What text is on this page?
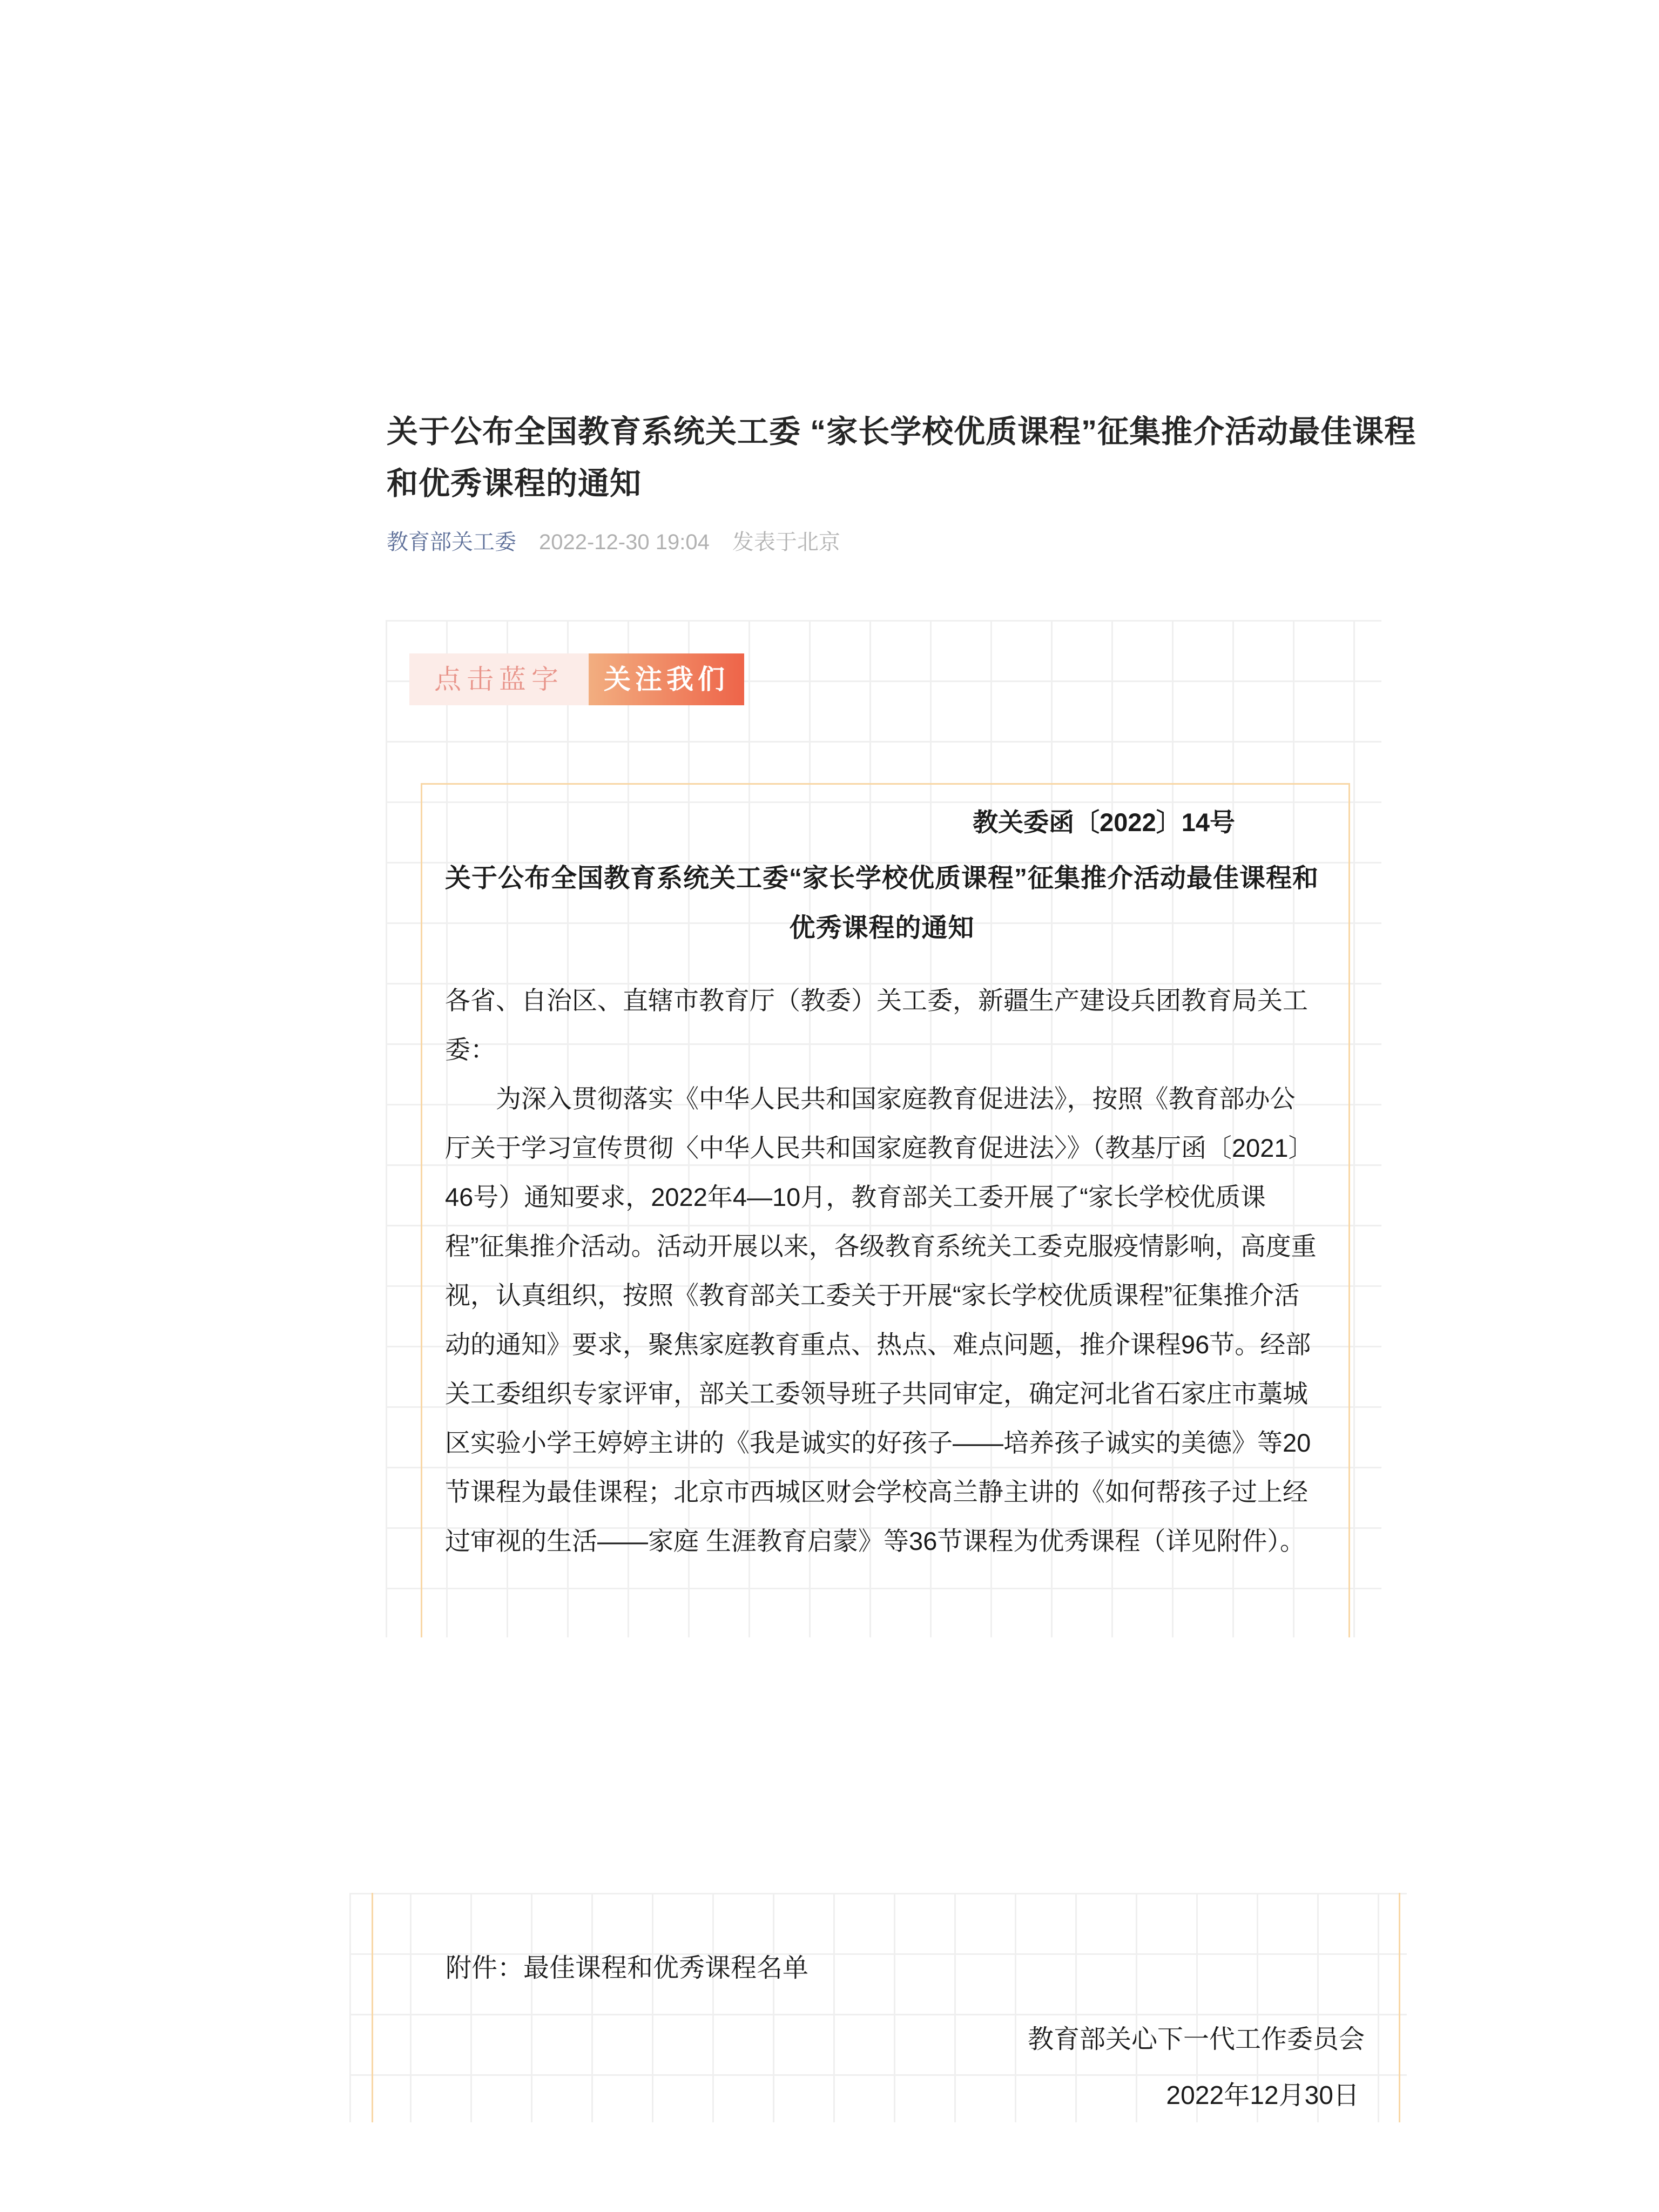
关于公布全国教育系统关工委 “家长学校优质课程”征集推介活动最佳课程和优秀课程的通知
教育部关工委 2022-12-30 19:04 发表于北京
点击蓝字	关注我们
教关委函〔2022〕14号
关于公布全国教育系统关工委“家长学校优质课程”征集推介活动最佳课程和优秀课程的通知

各省、自治区、直辖市教育厅（教委）关工委，新疆生产建设兵团教育局关工委：

为深入贯彻落实《中华人民共和国家庭教育促进法》，按照《教育部办公厅关于学习宣传贯彻〈中华人民共和国家庭教育促进法〉》（教基厅函〔2021〕46号）通知要求，2022年4—10月，教育部关工委开展了“家长学校优质课程”征集推介活动。活动开展以来，各级教育系统关工委克服疫情影响，高度重视，认真组织，按照《教育部关工委关于开展“家长学校优质课程”征集推介活动的通知》要求，聚焦家庭教育重点、热点、难点问题，推介课程96节。经部关工委组织专家评审，部关工委领导班子共同审定，确定河北省石家庄市藁城区实验小学王婷婷主讲的《我是诚实的好孩子——培养孩子诚实的美德》等20节课程为最佳课程；北京市西城区财会学校高兰静主讲的《如何帮孩子过上经过审视的生活——家庭 生涯教育启蒙》等36节课程为优秀课程（详见附件）。

附件：最佳课程和优秀课程名单

教育部关心下一代工作委员会

2022年12月30日
